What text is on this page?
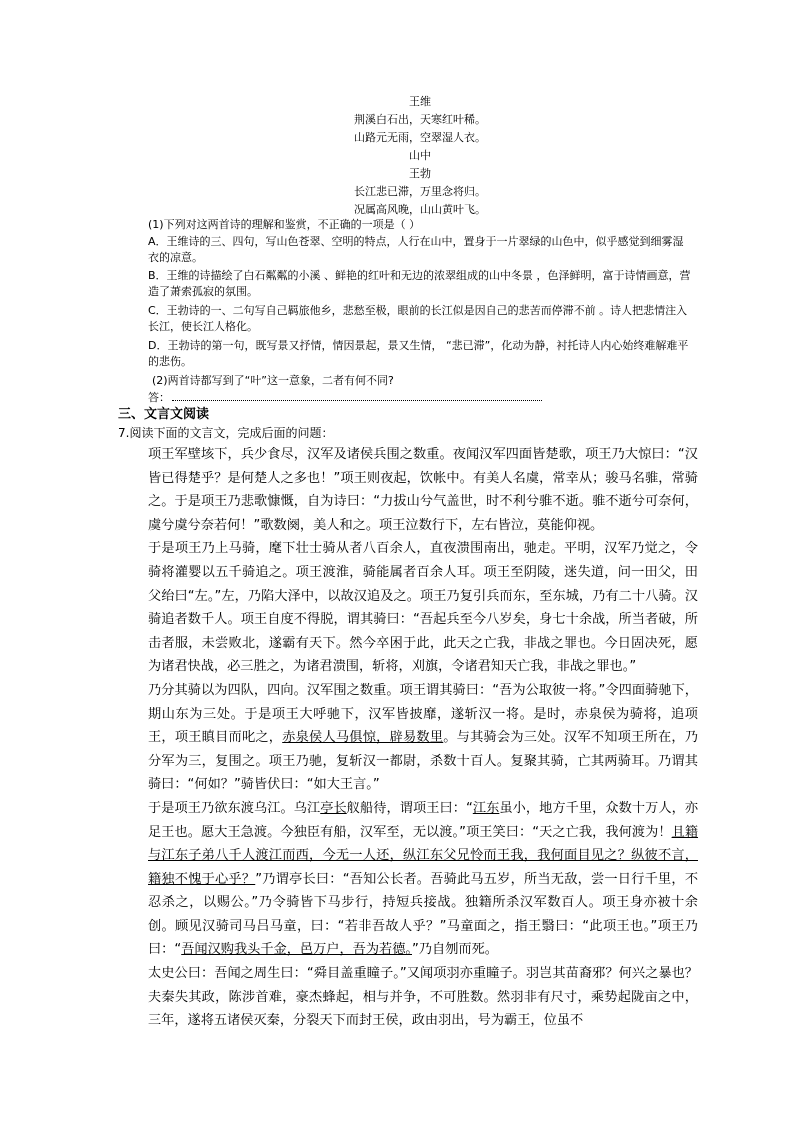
王维
荆溪白石出，天寒红叶稀。
山路元无雨，空翠湿人衣。
山中
王勃
长江悲已滞，万里念将归。
况属高风晚，山山黄叶飞。
(1)下列对这两首诗的理解和鉴赏，不正确的一项是（ ）
A．王维诗的三、四句，写山色苍翠、空明的特点，人行在山中，置身于一片翠绿的山色中，似乎感觉到细雾湿衣的凉意。
B．王维的诗描绘了白石粼粼的小溪 、鲜艳的红叶和无边的浓翠组成的山中冬景 ，色泽鲜明，富于诗情画意，营造了萧索孤寂的氛围。
C．王勃诗的一、二句写自己羁旅他乡，悲愁至极，眼前的长江似是因自己的悲苦而停滞不前 。诗人把悲情注入长江，使长江人格化。
D．王勃诗的第一句，既写景又抒情，情因景起，景又生情， “悲已滞”，化动为静，衬托诗人内心始终难解难平的悲伤。
(2)两首诗都写到了“叶”这一意象，二者有何不同?
答：
三、文言文阅读
7.阅读下面的文言文，完成后面的问题：

项王军壁垓下，兵少食尽，汉军及诸侯兵围之数重。夜闻汉军四面皆楚歌，项王乃大惊曰：“汉皆已得楚乎？是何楚人之多也！”项王则夜起，饮帐中。有美人名虞，常幸从；骏马名骓，常骑之。于是项王乃悲歌慷慨，自为诗曰：“力拔山兮气盖世，时不利兮骓不逝。骓不逝兮可奈何，虞兮虞兮奈若何！”歌数阕，美人和之。项王泣数行下，左右皆泣，莫能仰视。

于是项王乃上马骑，麾下壮士骑从者八百余人，直夜溃围南出，驰走。平明，汉军乃觉之，令骑将灌婴以五千骑追之。项王渡淮，骑能属者百余人耳。项王至阴陵，迷失道，问一田父，田父绐曰“左。”左，乃陷大泽中，以故汉追及之。项王乃复引兵而东，至东城，乃有二十八骑。汉骑追者数千人。项王自度不得脱，谓其骑曰：“吾起兵至今八岁矣，身七十余战，所当者破，所击者服，未尝败北，遂霸有天下。然今卒困于此，此天之亡我，非战之罪也。今日固决死，愿为诸君快战，必三胜之，为诸君溃围，斩将，刈旗，令诸君知天亡我，非战之罪也。”

乃分其骑以为四队，四向。汉军围之数重。项王谓其骑曰：“吾为公取彼一将。”令四面骑驰下，期山东为三处。于是项王大呼驰下，汉军皆披靡，遂斩汉一将。是时，赤泉侯为骑将，追项王，项王瞋目而叱之，赤泉侯人马俱惊，辟易数里。与其骑会为三处。汉军不知项王所在，乃分军为三，复围之。项王乃驰，复斩汉一都尉，杀数十百人。复聚其骑，亡其两骑耳。乃谓其骑曰：“何如？”骑皆伏曰：“如大王言。”

于是项王乃欲东渡乌江。乌江亭长舣船待，谓项王曰：“江东虽小，地方千里，众数十万人，亦足王也。愿大王急渡。今独臣有船，汉军至，无以渡。”项王笑曰：“天之亡我，我何渡为！且籍与江东子弟八千人渡江而西，今无一人还，纵江东父兄怜而王我，我何面目见之？纵彼不言，籍独不愧于心乎？”乃谓亭长曰：“吾知公长者。吾骑此马五岁，所当无敌，尝一日行千里，不忍杀之，以赐公。”乃令骑皆下马步行，持短兵接战。独籍所杀汉军数百人。项王身亦被十余创。顾见汉骑司马吕马童，曰：“若非吾故人乎？”马童面之，指王翳曰：“此项王也。”项王乃曰：“吾闻汉购我头千金，邑万户，吾为若德。”乃自刎而死。

太史公曰：吾闻之周生曰：“舜目盖重瞳子。”又闻项羽亦重瞳子。羽岂其苗裔邪？何兴之暴也？夫秦失其政，陈涉首难，豪杰蜂起，相与并争，不可胜数。然羽非有尺寸，乘势起陇亩之中，三年，遂将五诸侯灭秦，分裂天下而封王侯，政由羽出，号为霸王，位虽不
